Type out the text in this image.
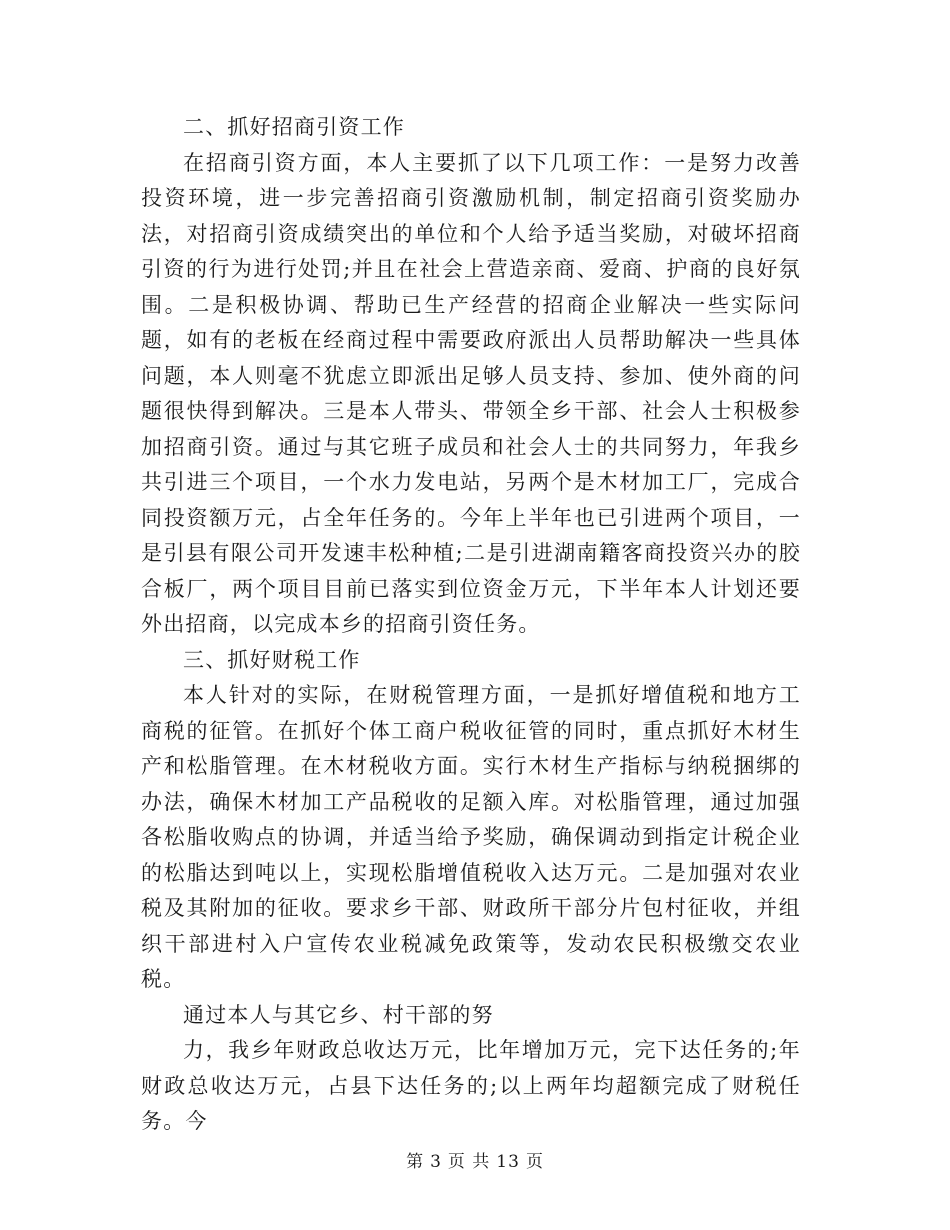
二、抓好招商引资工作

在招商引资方面，本人主要抓了以下几项工作：一是努力改善投资环境，进一步完善招商引资激励机制，制定招商引资奖励办法，对招商引资成绩突出的单位和个人给予适当奖励，对破坏招商引资的行为进行处罚;并且在社会上营造亲商、爱商、护商的良好氛围。二是积极协调、帮助已生产经营的招商企业解决一些实际问题，如有的老板在经商过程中需要政府派出人员帮助解决一些具体问题，本人则毫不犹虑立即派出足够人员支持、参加、使外商的问题很快得到解决。三是本人带头、带领全乡干部、社会人士积极参加招商引资。通过与其它班子成员和社会人士的共同努力，年我乡共引进三个项目，一个水力发电站，另两个是木材加工厂，完成合同投资额万元，占全年任务的。今年上半年也已引进两个项目，一是引县有限公司开发速丰松种植;二是引进湖南籍客商投资兴办的胶合板厂，两个项目目前已落实到位资金万元，下半年本人计划还要外出招商，以完成本乡的招商引资任务。

三、抓好财税工作

本人针对的实际，在财税管理方面，一是抓好增值税和地方工商税的征管。在抓好个体工商户税收征管的同时，重点抓好木材生产和松脂管理。在木材税收方面。实行木材生产指标与纳税捆绑的办法，确保木材加工产品税收的足额入库。对松脂管理，通过加强各松脂收购点的协调，并适当给予奖励，确保调动到指定计税企业的松脂达到吨以上，实现松脂增值税收入达万元。二是加强对农业税及其附加的征收。要求乡干部、财政所干部分片包村征收，并组织干部进村入户宣传农业税减免政策等，发动农民积极缴交农业税。

通过本人与其它乡、村干部的努

力，我乡年财政总收达万元，比年增加万元，完下达任务的;年财政总收达万元，占县下达任务的;以上两年均超额完成了财税任务。今

第 3 页 共 13 页
